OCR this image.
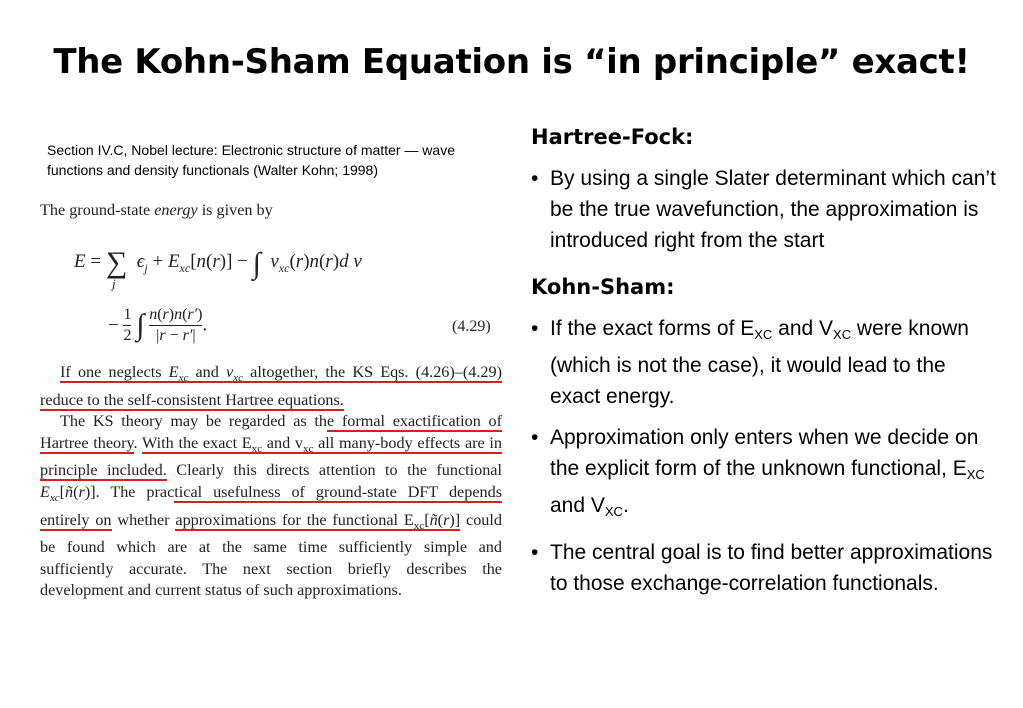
The Kohn-Sham Equation is “in principle” exact!
Section IV.C, Nobel lecture: Electronic structure of matter — wave functions and density functionals (Walter Kohn; 1998)
The ground-state energy is given by
E = ∑ $\epsilon_j + E_{xc}[n(r)]$ − ∫ $v_{xc}(r)n(r)d$ v
j
− 1

2 ∫ n(r)n(r′)

|r − r′| .	(4.29)
If one neglects $E_{xc}$ and $v_{xc}$ altogether, the KS Eqs. (4.26)–(4.29) reduce to the self-consistent Hartree equations.
The KS theory may be regarded as the formal exactification of Hartree theory. With the exact $E_{xc}$ and $v_{xc}$ all many-body effects are in principle included. Clearly this directs attention to the functional $E_{xc}[ñ(r)]$. The practical usefulness of ground-state DFT depends entirely on whether approximations for the functional $E_{xc}[ñ(r)]$ could be found which are at the same time sufficiently simple and sufficiently accurate. The next section briefly describes the development and current status of such approximations.
Hartree-Fock:
• By using a single Slater determinant which can’t be the true wavefunction, the approximation is introduced right from the start
Kohn-Sham:
• If the exact forms of $E_{XC}$ and $V_{XC}$ were known (which is not the case), it would lead to the exact energy.
• Approximation only enters when we decide on the explicit form of the unknown functional, $E_{XC}$ and $V_{XC}$.
• The central goal is to find better approximations to those exchange-correlation functionals.
